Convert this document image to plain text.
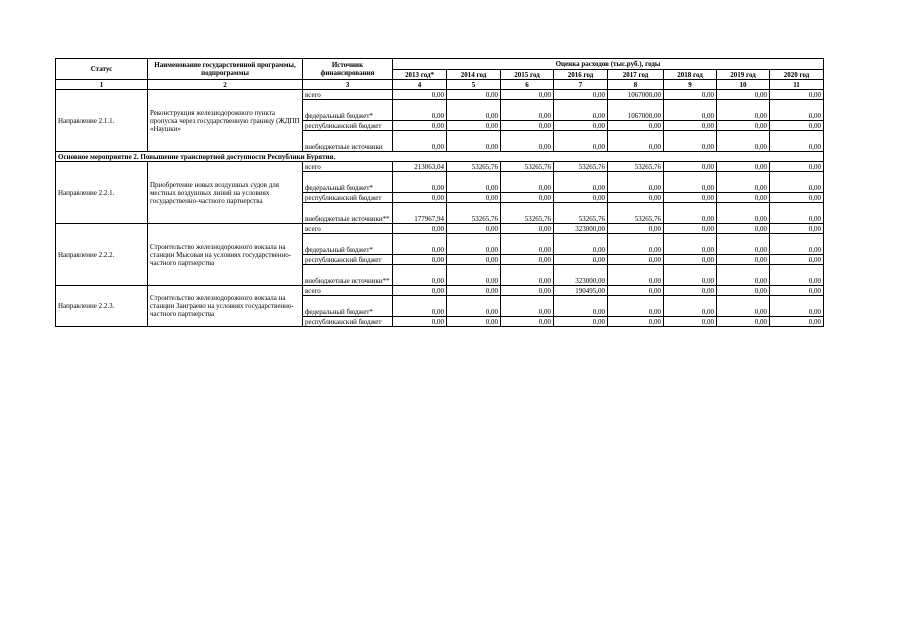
Статус	Наименование государственной программы, подпрограммы	Источник финансирования	Оценка расходов (тыс.руб.), годы							
			2013 год*	2014 год	2015 год	2016 год	2017 год	2018 год	2019 год	2020 год
1	2	3	4	5	6	7	8	9	10	11
Направление 2.1.1.	Реконструкция железнодорожного пункта пропуска через государственную границу (ЖДПП «Наушки»	всего	0,00	0,00	0,00	0,00	1067000,00	0,00	0,00	0,00
		федеральный бюджет*	0,00	0,00	0,00	0,00	1067000,00	0,00	0,00	0,00
		республиканский бюджет	0,00	0,00	0,00	0,00	0,00	0,00	0,00	0,00
		внебюджетные источники	0,00	0,00	0,00	0,00	0,00	0,00	0,00	0,00
Основное мероприятие 2. Повышение транспортной доступности Республики Бурятия.										
Направление 2.2.1.	Приобретение новых воздушных судов для местных воздушных линий на условиях государственно-частного партнерства	всего	213063,04	53265,76	53265,76	53265,76	53265,76	0,00	0,00	0,00
		федеральный бюджет*	0,00	0,00	0,00	0,00	0,00	0,00	0,00	0,00
		республиканский бюджет	0,00	0,00	0,00	0,00	0,00	0,00	0,00	0,00
		внебюджетные источники**	177967,94	53265,76	53265,76	53265,76	53265,76	0,00	0,00	0,00
Направление 2.2.2.	Строительство железнодорожного вокзала на станции Мысовая на условиях государственно-частного партнерства	всего	0,00	0,00	0,00	323000,00	0,00	0,00	0,00	0,00
		федеральный бюджет*	0,00	0,00	0,00	0,00	0,00	0,00	0,00	0,00
		республиканский бюджет	0,00	0,00	0,00	0,00	0,00	0,00	0,00	0,00
		внебюджетные источники**	0,00	0,00	0,00	323000,00	0,00	0,00	0,00	0,00
Направление 2.2.3.	Строительство железнодорожного вокзала на станции Заиграево на условиях государственно-частного партнерства	всего	0,00	0,00	0,00	190495,00	0,00	0,00	0,00	0,00
		федеральный бюджет*	0,00	0,00	0,00	0,00	0,00	0,00	0,00	0,00
		республиканский бюджет	0,00	0,00	0,00	0,00	0,00	0,00	0,00	0,00
